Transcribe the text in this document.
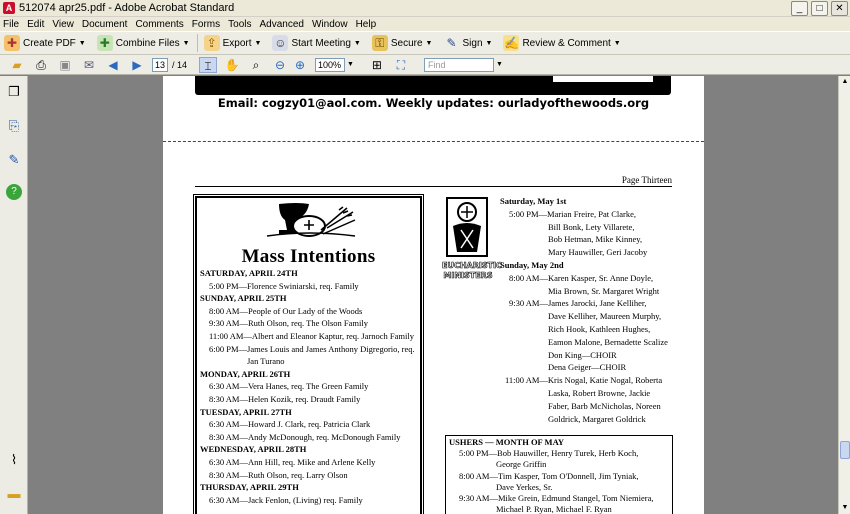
A 512074 apr25.pdf - Adobe Acrobat Standard	_	□	✕
File Edit View Document Comments Forms Tools Advanced Window Help
✚ Create PDF ▼ ✚ Combine Files ▼ ⇪ Export ▼ ☺ Start Meeting ▼ ⚿ Secure ▼ ✎ Sign ▼ ✍ Review & Comment ▼
▰	⎙	▣	✉	◀	▶	13 / 14	⌶	✋	⌕	⊖ ⊕	100% ▼	⊞	⛶	Find	▼
❐
⎘
✎
?
⌇
▬
Email: cogzy01@aol.com. Weekly updates: ourladyofthewoods.org
Page Thirteen
Mass Intentions
SATURDAY, APRIL 24TH
5:00 PM—Florence Swiniarski, req. Family
SUNDAY, APRIL 25TH
8:00 AM—People of Our Lady of the Woods
9:30 AM—Ruth Olson, req. The Olson Family
11:00 AM—Albert and Eleanor Kaptur, req. Jarnoch Family
6:00 PM—James Louis and James Anthony Digregorio, req.
Jan Turano
MONDAY, APRIL 26TH
6:30 AM—Vera Hanes, req. The Green Family
8:30 AM—Helen Kozik, req. Draudt Family
TUESDAY, APRIL 27TH
6:30 AM—Howard J. Clark, req. Patricia Clark
8:30 AM—Andy McDonough, req. McDonough Family
WEDNESDAY, APRIL 28TH
6:30 AM—Ann Hill, req. Mike and Arlene Kelly
8:30 AM—Ruth Olson, req. Larry Olson
THURSDAY, APRIL 29TH
6:30 AM—Jack Fenlon, (Living) req. Family
EUCHARISTIC MINISTERS
Saturday, May 1st
5:00 PM—Marian Freire, Pat Clarke,
Bill Bonk, Lety Villarete,
Bob Hetman, Mike Kinney,
Mary Hauwiller, Geri Jacoby
Sunday, May 2nd
8:00 AM—Karen Kasper, Sr. Anne Doyle,
Mia Brown, Sr. Margaret Wright
9:30 AM—James Jarocki, Jane Kelliher,
Dave Kelliher, Maureen Murphy,
Rich Hook, Kathleen Hughes,
Eamon Malone, Bernadette Scalize
Don King—CHOIR
Dena Geiger—CHOIR
11:00 AM—Kris Nogal, Katie Nogal, Roberta
Laska, Robert Browne, Jackie
Faber, Barb McNicholas, Noreen
Goldrick, Margaret Goldrick
USHERS — MONTH OF MAY
5:00 PM—Bob Hauwiller, Henry Turek, Herb Koch,
George Griffin
8:00 AM—Tim Kasper, Tom O'Donnell, Jim Tyniak,
Dave Yerkes, Sr.
9:30 AM—Mike Grein, Edmund Stangel, Tom Niemiera,
Michael P. Ryan, Michael F. Ryan
▲
▼
